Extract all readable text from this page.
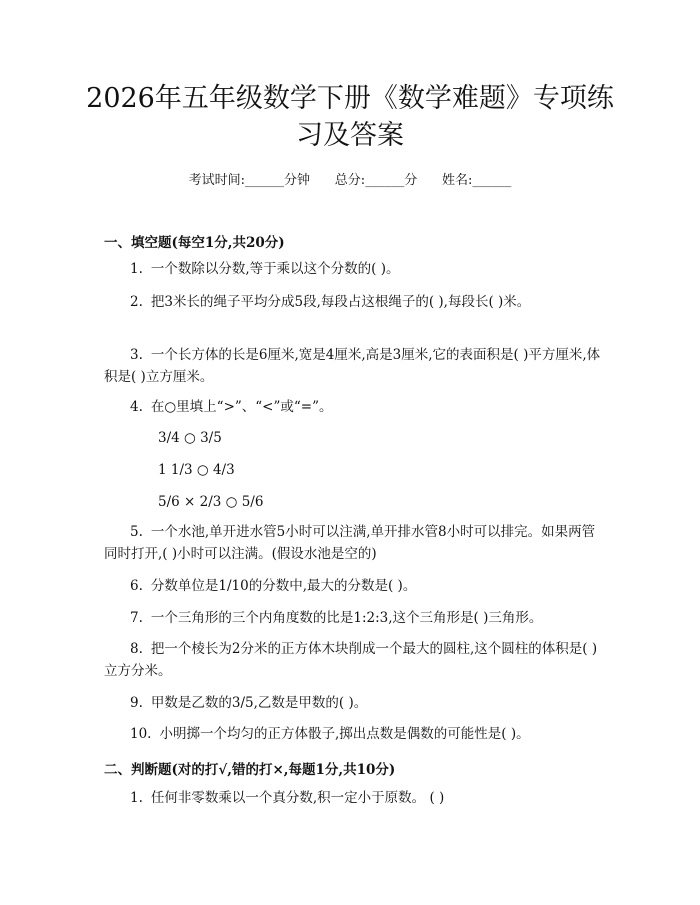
2026年五年级数学下册《数学难题》专项练习及答案
考试时间:______分钟 总分:______分 姓名:______
一、填空题(每空1分,共20分)
1. 一个数除以分数,等于乘以这个分数的( )。
2. 把3米长的绳子平均分成5段,每段占这根绳子的( ),每段长( )米。
3. 一个长方体的长是6厘米,宽是4厘米,高是3厘米,它的表面积是( )平方厘米,体积是( )立方厘米。
4. 在○里填上“>”、“<”或“=”。
3/4 ○ 3/5
1 1/3 ○ 4/3
5/6 × 2/3 ○ 5/6
5. 一个水池,单开进水管5小时可以注满,单开排水管8小时可以排完。如果两管同时打开,( )小时可以注满。(假设水池是空的)
6. 分数单位是1/10的分数中,最大的分数是( )。
7. 一个三角形的三个内角度数的比是1:2:3,这个三角形是( )三角形。
8. 把一个棱长为2分米的正方体木块削成一个最大的圆柱,这个圆柱的体积是( )立方分米。
9. 甲数是乙数的3/5,乙数是甲数的( )。
10. 小明掷一个均匀的正方体骰子,掷出点数是偶数的可能性是( )。
二、判断题(对的打√,错的打×,每题1分,共10分)
1. 任何非零数乘以一个真分数,积一定小于原数。 ( )
